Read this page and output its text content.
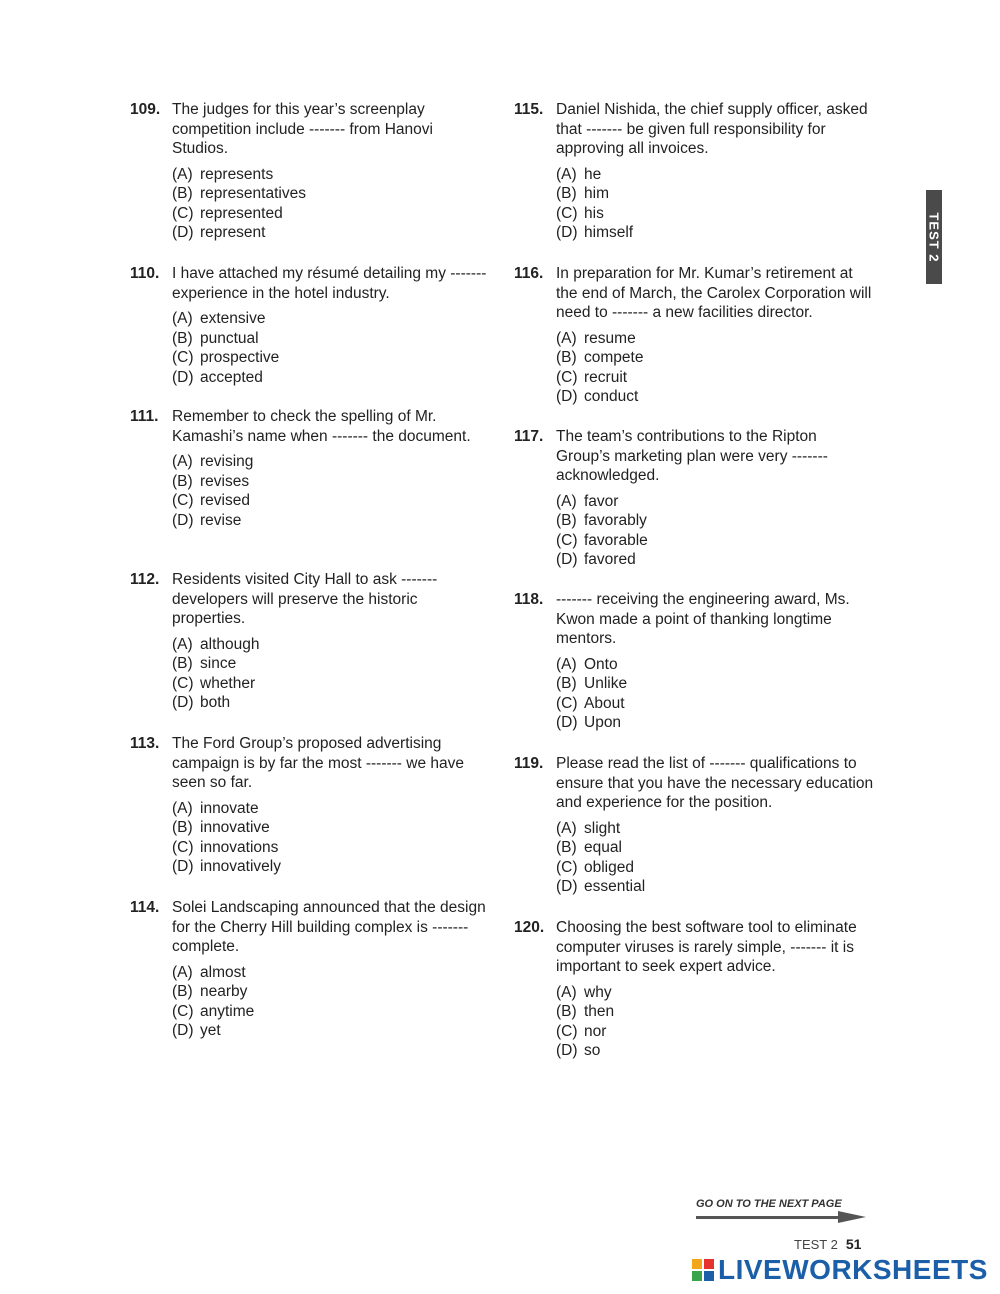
109. The judges for this year’s screenplay competition include ------- from Hanovi Studios.
(A) represents
(B) representatives
(C) represented
(D) represent
110. I have attached my résumé detailing my ------- experience in the hotel industry.
(A) extensive
(B) punctual
(C) prospective
(D) accepted
111. Remember to check the spelling of Mr. Kamashi’s name when ------- the document.
(A) revising
(B) revises
(C) revised
(D) revise
112. Residents visited City Hall to ask ------- developers will preserve the historic properties.
(A) although
(B) since
(C) whether
(D) both
113. The Ford Group’s proposed advertising campaign is by far the most ------- we have seen so far.
(A) innovate
(B) innovative
(C) innovations
(D) innovatively
114. Solei Landscaping announced that the design for the Cherry Hill building complex is ------- complete.
(A) almost
(B) nearby
(C) anytime
(D) yet
115. Daniel Nishida, the chief supply officer, asked that ------- be given full responsibility for approving all invoices.
(A) he
(B) him
(C) his
(D) himself
116. In preparation for Mr. Kumar’s retirement at the end of March, the Carolex Corporation will need to ------- a new facilities director.
(A) resume
(B) compete
(C) recruit
(D) conduct
117. The team’s contributions to the Ripton Group’s marketing plan were very ------- acknowledged.
(A) favor
(B) favorably
(C) favorable
(D) favored
118. ------- receiving the engineering award, Ms. Kwon made a point of thanking longtime mentors.
(A) Onto
(B) Unlike
(C) About
(D) Upon
119. Please read the list of ------- qualifications to ensure that you have the necessary education and experience for the position.
(A) slight
(B) equal
(C) obliged
(D) essential
120. Choosing the best software tool to eliminate computer viruses is rarely simple, ------- it is important to seek expert advice.
(A) why
(B) then
(C) nor
(D) so
TEST 2
GO ON TO THE NEXT PAGE
TEST 2 51
LIVEWORKSHEETS
